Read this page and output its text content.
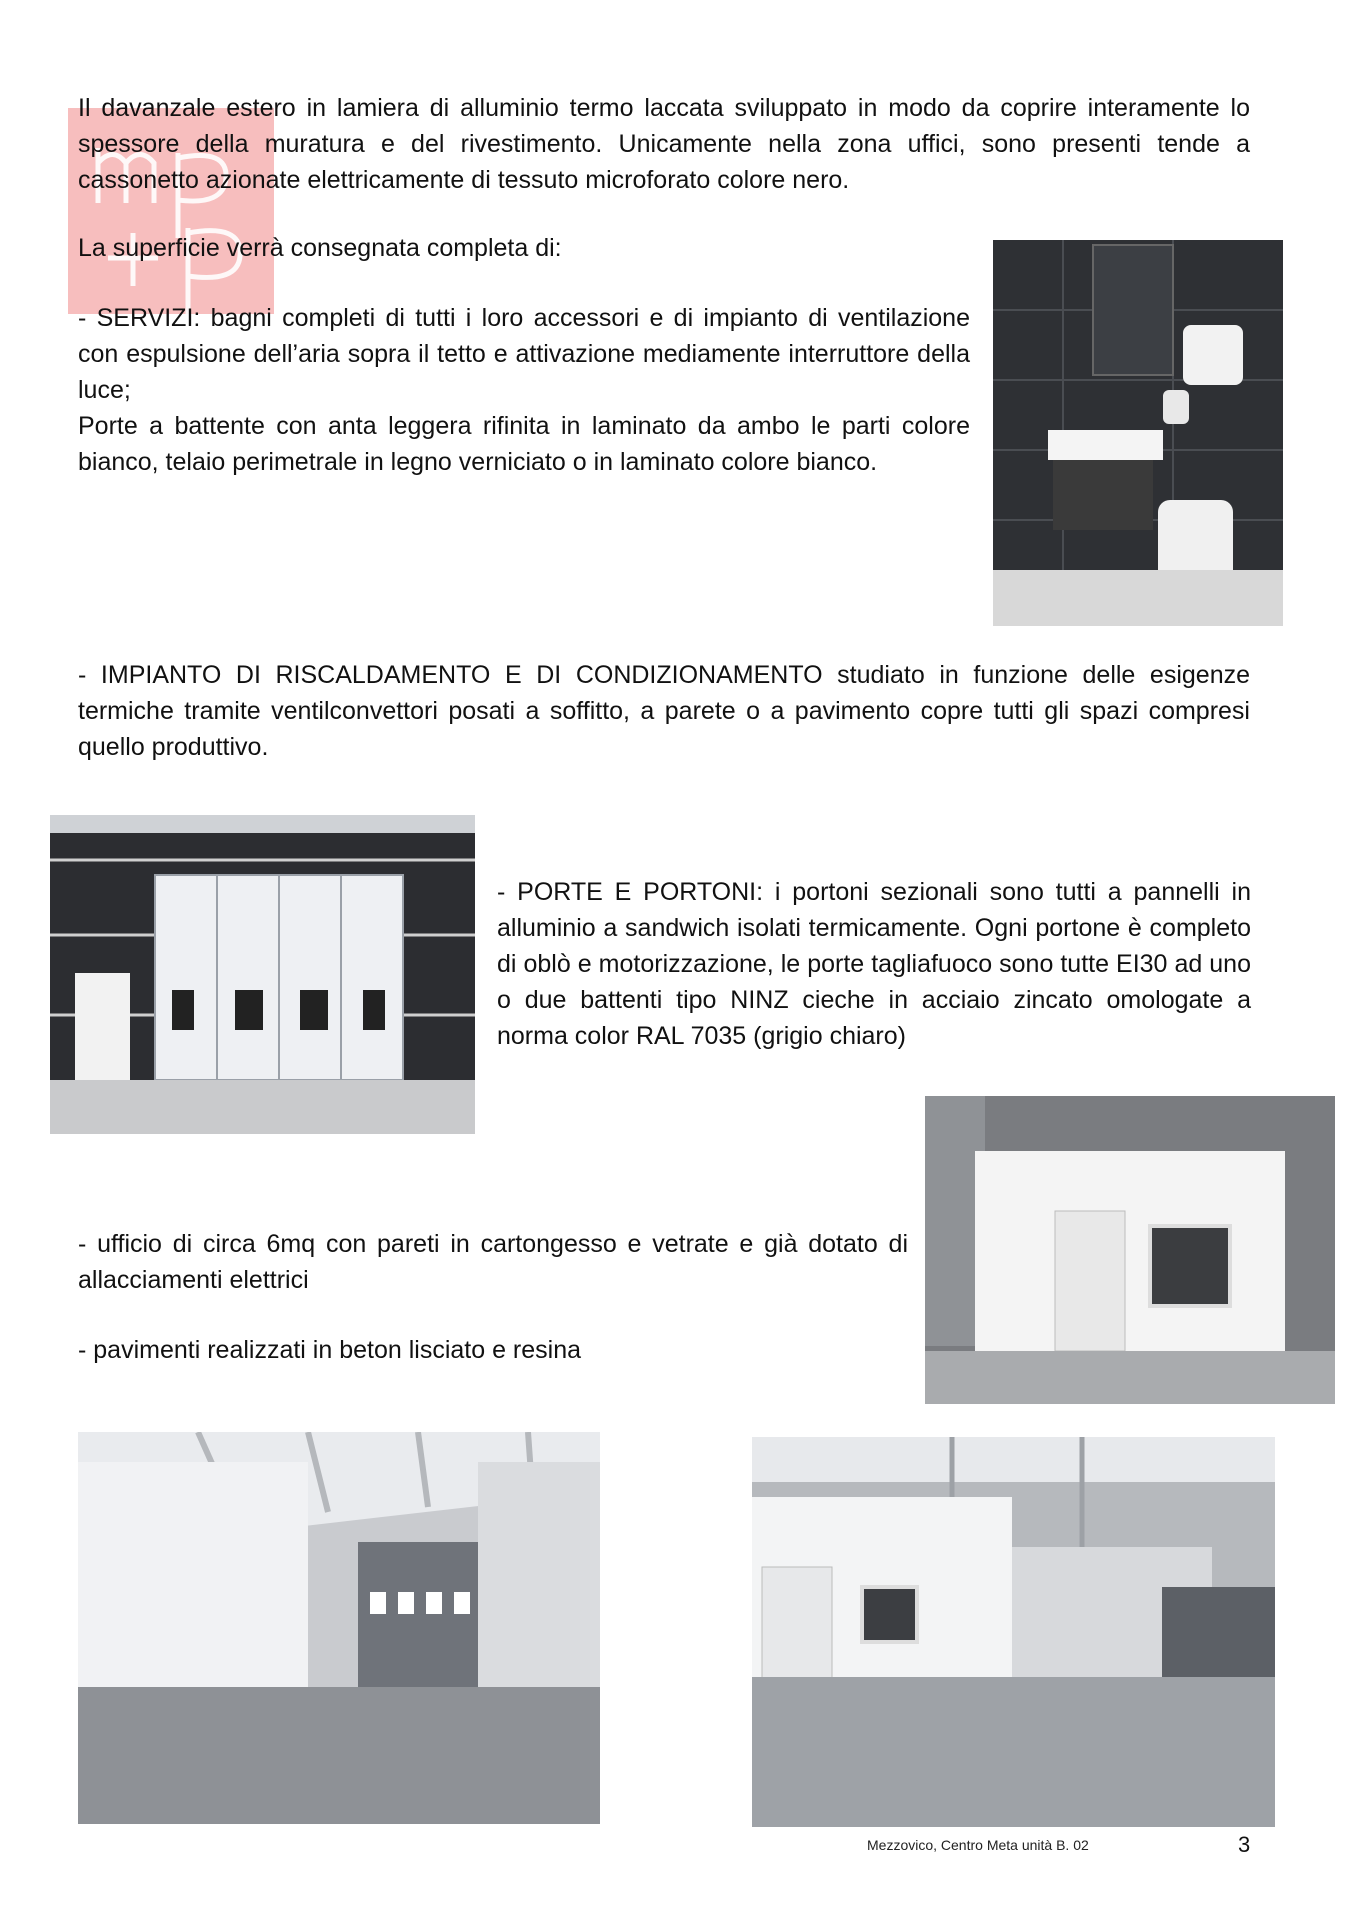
Il davanzale estero in lamiera di alluminio termo laccata sviluppato in modo da coprire interamente lo spessore della muratura e del rivestimento. Unicamente nella zona uffici, sono presenti tende a cassonetto azionate elettricamente di tessuto microforato colore nero.

La superficie verrà consegnata completa di:

- SERVIZI: bagni completi di tutti i loro accessori e di impianto di ventilazione con espulsione dell’aria sopra il tetto e attivazione mediamente interruttore della luce;

Porte a battente con anta leggera rifinita in laminato da ambo le parti colore bianco, telaio perimetrale in legno verniciato o in laminato colore bianco.

- IMPIANTO DI RISCALDAMENTO E DI CONDIZIONAMENTO studiato in funzione delle esigenze termiche tramite ventilconvettori posati a soffitto, a parete o a pavimento copre tutti gli spazi compresi quello produttivo.

- PORTE E PORTONI: i portoni sezionali sono tutti a pannelli in alluminio a sandwich isolati termicamente. Ogni portone è completo di oblò e motorizzazione, le porte tagliafuoco sono tutte EI30 ad uno o due battenti tipo NINZ cieche in acciaio zincato omologate a norma color RAL 7035 (grigio chiaro)

- ufficio di circa 6mq con pareti in cartongesso e vetrate e già dotato di allacciamenti elettrici

- pavimenti realizzati in beton lisciato e resina

Mezzovico, Centro Meta unità B. 02	3
